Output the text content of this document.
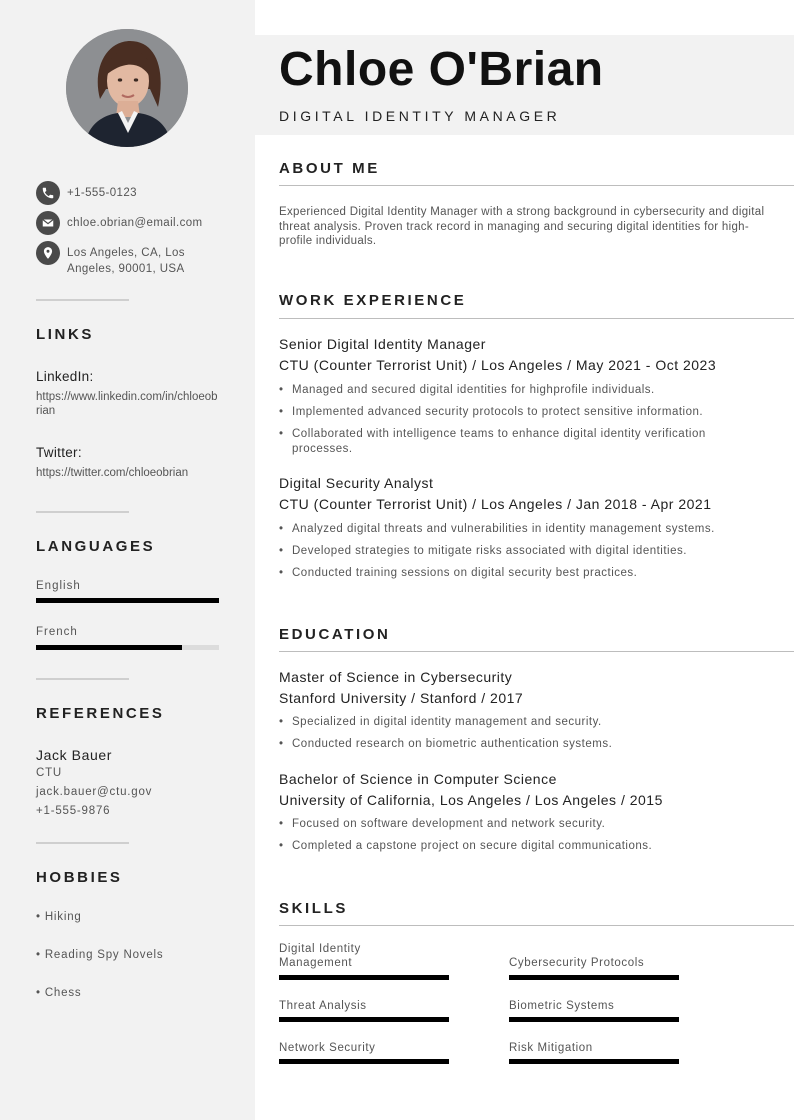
+1-555-0123
chloe.obrian@email.com
Los Angeles, CA, Los Angeles, 90001, USA
LINKS
LinkedIn:
https://www.linkedin.com/in/chloeobrian
Twitter:
https://twitter.com/chloeobrian
LANGUAGES
English
French
REFERENCES
Jack Bauer
CTU
jack.bauer@ctu.gov
+1-555-9876
HOBBIES
• Hiking
• Reading Spy Novels
• Chess
Chloe O'Brian
DIGITAL IDENTITY MANAGER
ABOUT ME
Experienced Digital Identity Manager with a strong background in cybersecurity and digital threat analysis. Proven track record in managing and securing digital identities for high-profile individuals.
WORK EXPERIENCE
Senior Digital Identity Manager
CTU (Counter Terrorist Unit) / Los Angeles / May 2021 - Oct 2023
• Managed and secured digital identities for highprofile individuals.
• Implemented advanced security protocols to protect sensitive information.
• Collaborated with intelligence teams to enhance digital identity verification processes.
Digital Security Analyst
CTU (Counter Terrorist Unit) / Los Angeles / Jan 2018 - Apr 2021
• Analyzed digital threats and vulnerabilities in identity management systems.
• Developed strategies to mitigate risks associated with digital identities.
• Conducted training sessions on digital security best practices.
EDUCATION
Master of Science in Cybersecurity
Stanford University / Stanford / 2017
• Specialized in digital identity management and security.
• Conducted research on biometric authentication systems.
Bachelor of Science in Computer Science
University of California, Los Angeles / Los Angeles / 2015
• Focused on software development and network security.
• Completed a capstone project on secure digital communications.
SKILLS
Digital Identity Management	Cybersecurity Protocols
Threat Analysis	Biometric Systems
Network Security	Risk Mitigation
